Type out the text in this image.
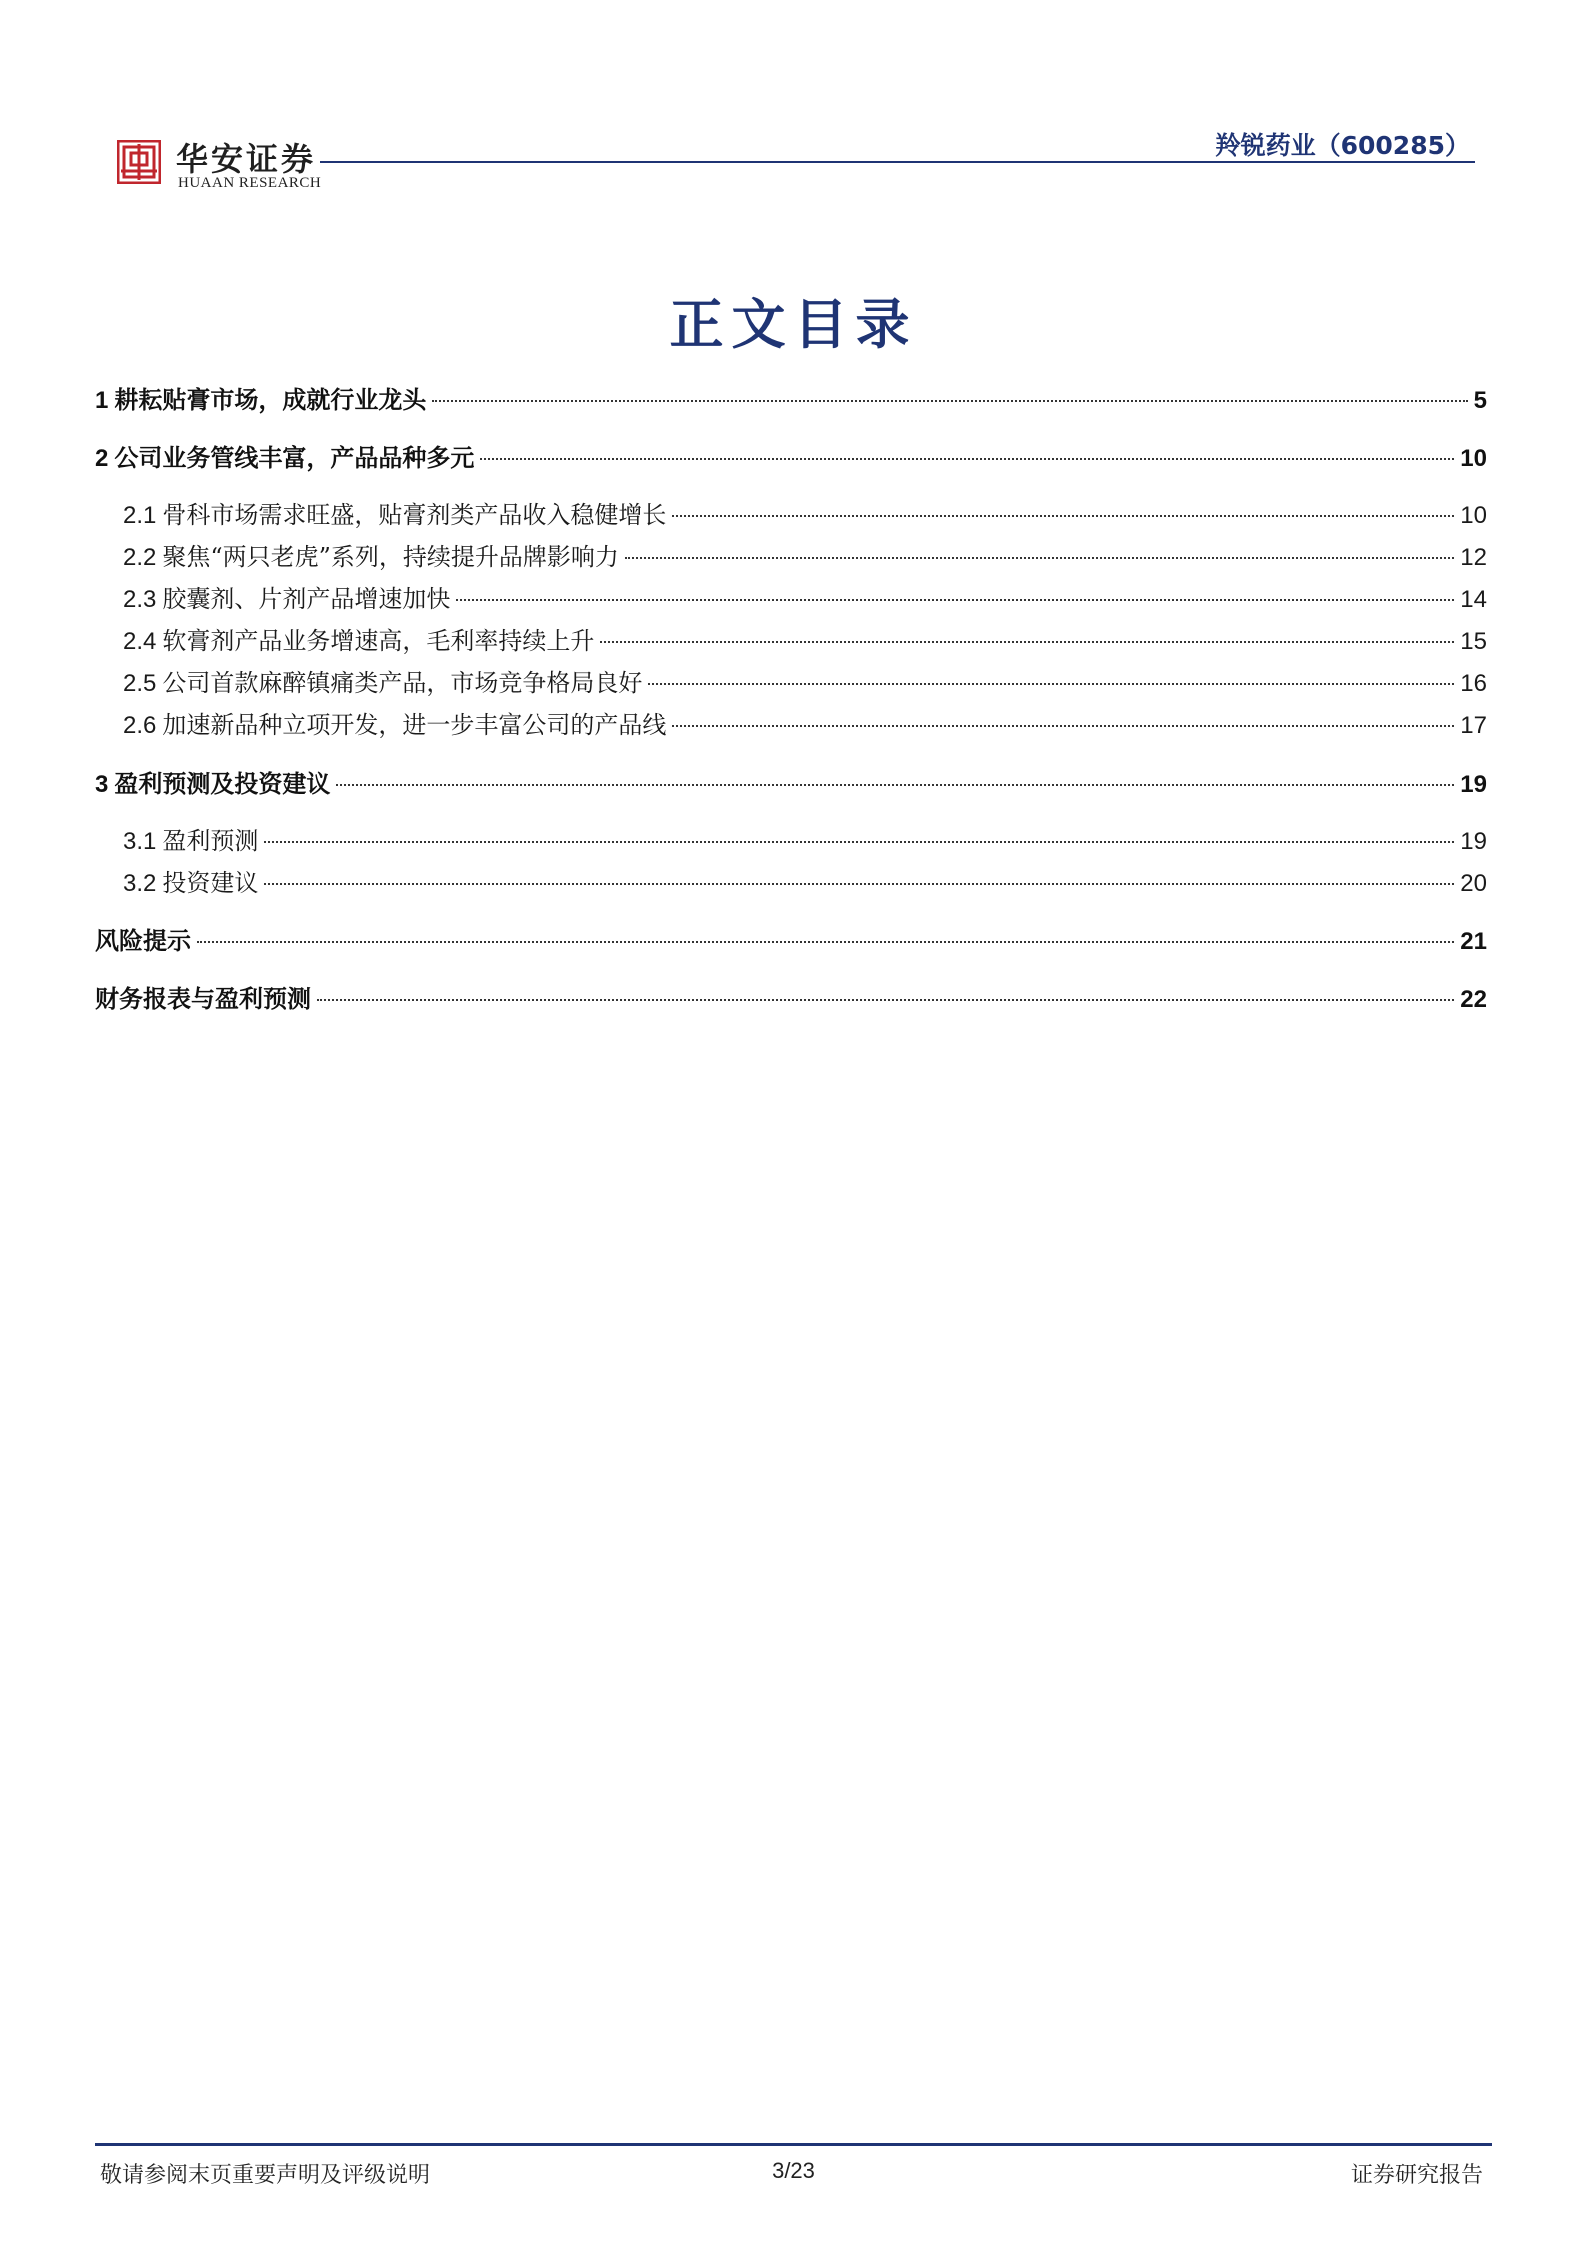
华安证券
HUAAN RESEARCH
羚锐药业（600285）
正文目录
1 耕耘贴膏市场，成就行业龙头	5
2 公司业务管线丰富，产品品种多元	10
2.1 骨科市场需求旺盛，贴膏剂类产品收入稳健增长	10
2.2 聚焦“两只老虎”系列，持续提升品牌影响力	12
2.3 胶囊剂、片剂产品增速加快	14
2.4 软膏剂产品业务增速高，毛利率持续上升	15
2.5 公司首款麻醉镇痛类产品，市场竞争格局良好	16
2.6 加速新品种立项开发，进一步丰富公司的产品线	17
3 盈利预测及投资建议	19
3.1 盈利预测	19
3.2 投资建议	20
风险提示	21
财务报表与盈利预测	22
敬请参阅末页重要声明及评级说明	3/23	证券研究报告
